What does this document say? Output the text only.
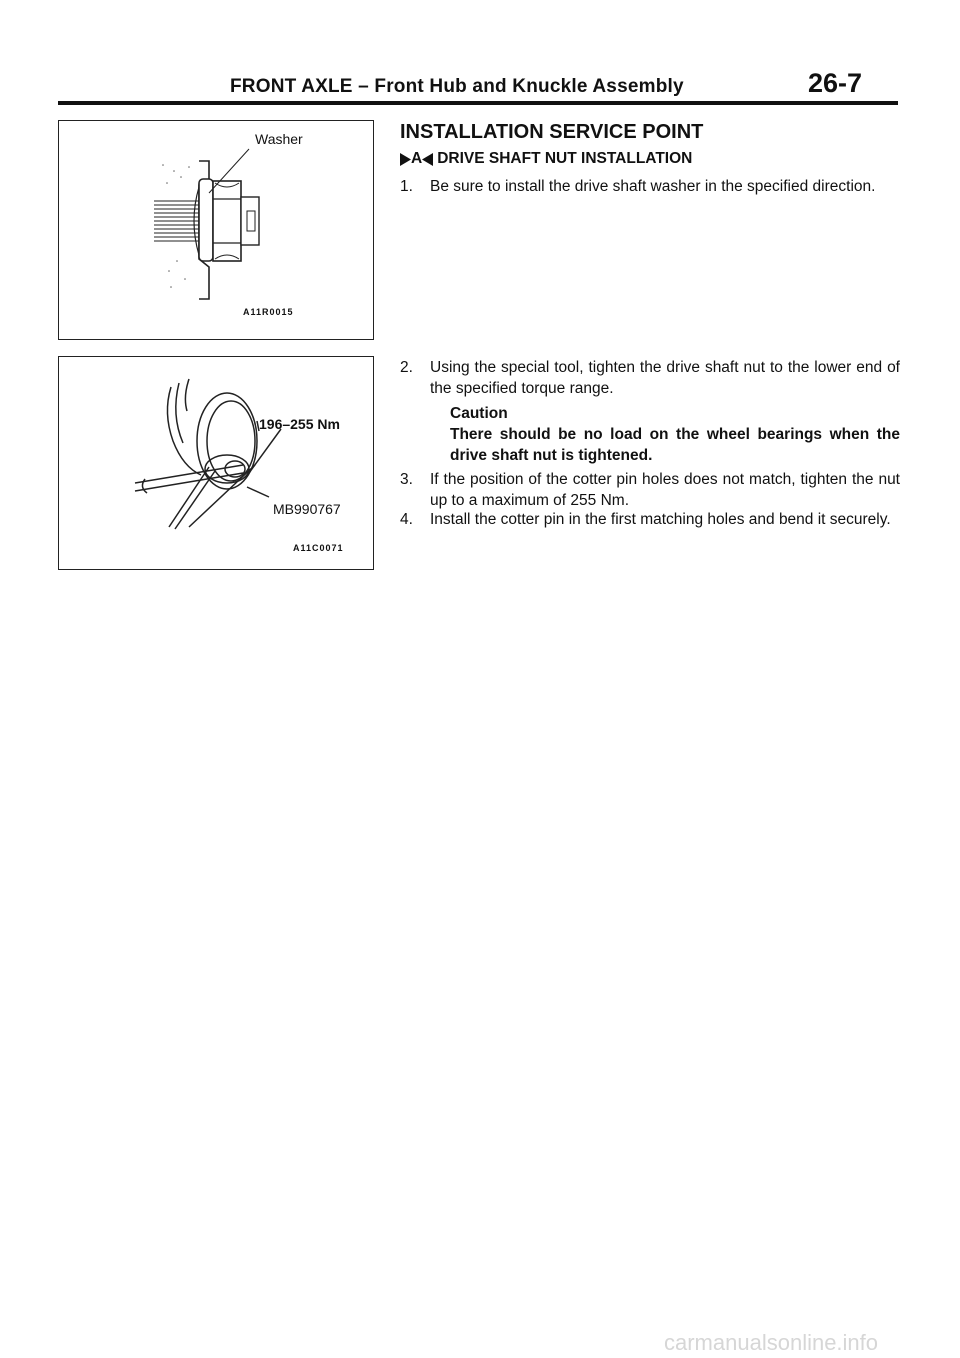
FRONT AXLE – Front Hub and Knuckle Assembly	26-7
Washer
A11R0015
196–255 Nm
MB990767
A11C0071
INSTALLATION SERVICE POINT
A DRIVE SHAFT NUT INSTALLATION
1.	Be sure to install the drive shaft washer in the specified direction.
2.	Using the special tool, tighten the drive shaft nut to the lower end of the specified torque range.
Caution
There should be no load on the wheel bearings when the drive shaft nut is tightened.
3.	If the position of the cotter pin holes does not match, tighten the nut up to a maximum of 255 Nm.
4.	Install the cotter pin in the first matching holes and bend it securely.
carmanualsonline.info
